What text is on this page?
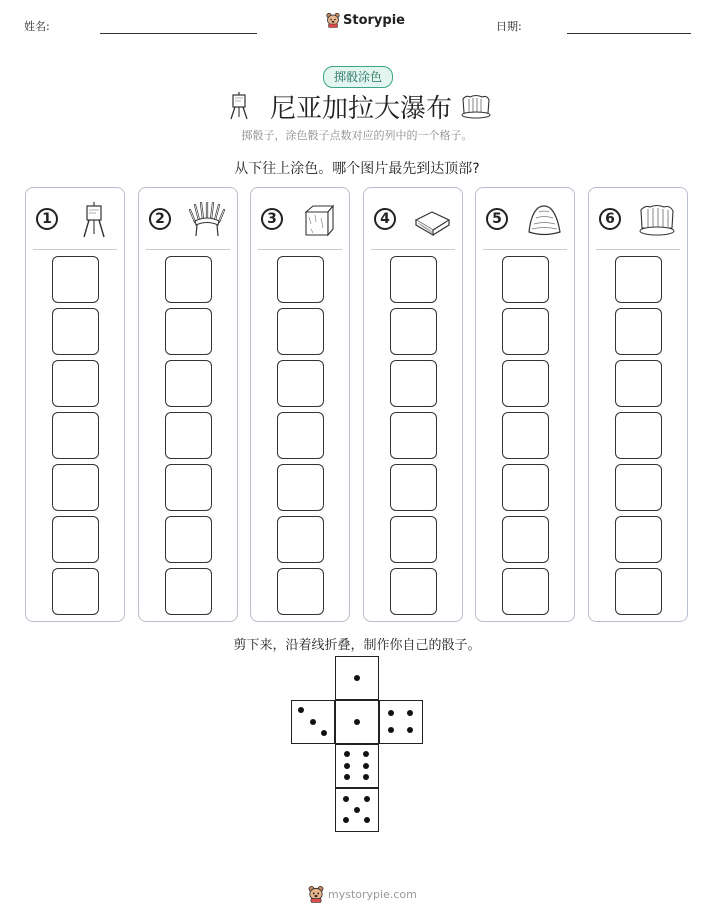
姓名:	Storypie	日期:
掷骰涂色
尼亚加拉大瀑布
掷骰子，涂色骰子点数对应的列中的一个格子。
从下往上涂色。哪个图片最先到达顶部?
1	2	3	4	5	6
剪下来，沿着线折叠，制作你自己的骰子。
mystorypie.com
